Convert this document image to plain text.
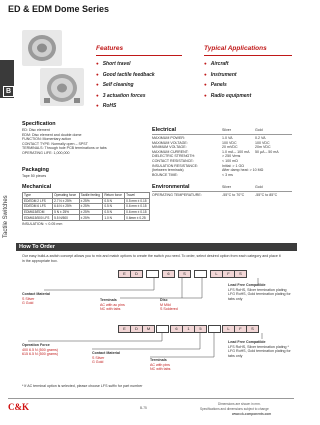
ED & EDM Dome Series
B
Tactile Switches
Features
● Short travel
● Good tactile feedback
● Self cleaning
● 3 actuation forces
● RoHS
Typical Applications
● Aircraft
● Instrument
● Panels
● Radio equipment
Specification
ED: Disc element
EDM: Disc element and double dome
FUNCTION: Momentary action
CONTACT TYPE: Normally open – SPST
TERMINALS: Through hole PCB terminations or tabs
OPERATING LIFE: 1,000,000
Packaging
Tape 50 pieces
Electrical	Silver	Gold
MAXIMUM POWER:	1.0 VA	0.2 VA
MAXIMUM VOLTAGE:	100 VDC	100 VDC
MINIMUM VOLTAGE:	20 mVDC	20m VDC
MAXIMUM CURRENT:	1.0 mA – 100 mA 50 µA – 50 mA
DIELECTRIC STRENGTH:	> 250 Vrms
CONTACT RESISTANCE:	< 100 mΩ
INSULATION RESISTANCE:	Initial: > 1 GΩ
(between terminals)	After damp heat: > 10 MΩ
BOUNCE TIME:	< 3 ms
Mechanical
Type	Operating force	Tactile feeling	Return force	Travel
ED/EDM 2 LFS	2.7 N ± 25%	± 25%	0.5 N	0.5 mm ± 0.15
ED/EDM 6 LFS	6.6 N ± 25%	± 25%	0.5 N	0.6 mm ± 0.15
EDM615/EDM	5 N ± 25%	± 25%	0.5 N	0.6 mm ± 0.15
EDM615/500 LFS	5.5 N/500	± 25%	1.0 N	0.6mm ± 0.25
INSULATION: < 0.05 mm
Environmental	Silver	Gold
OPERATING TEMPERATURE:	-55°C to 70°C	-55°C to 85°C
How To Order
Our easy build-a-switch concept allows you to mix and match options to create the switch you need. To order, select desired option from each category and place it in the appropriate box.
E	D	6	S	L	F	S
Lead Free Compatible
LFS RoHS, Silver termination plating
LFG RoHS, Gold termination plating for tabs only
Contact Material
S Silver
G Gold
Terminals
AC with ac pins
NC with tabs
Disc
M Mild
S Soldered
E	D	M	6	1	5	L	F	S
Operation Force
400 6.5 N (500 grams)
615 6.5 N (500 grams)	Contact Material
S Silver
G Gold
Terminals
AC with pins
NC with tabs
Lead Free Compatible
LFS RoHS, Silver termination plating *
LFG RoHS, Gold termination plating for tabs only
* If AC terminal option is selected, please choose LFS suffix for part number
C&K	B-75
Dimensions are shown in mm.
Specifications and dimensions subject to change
www.ck-components.com
